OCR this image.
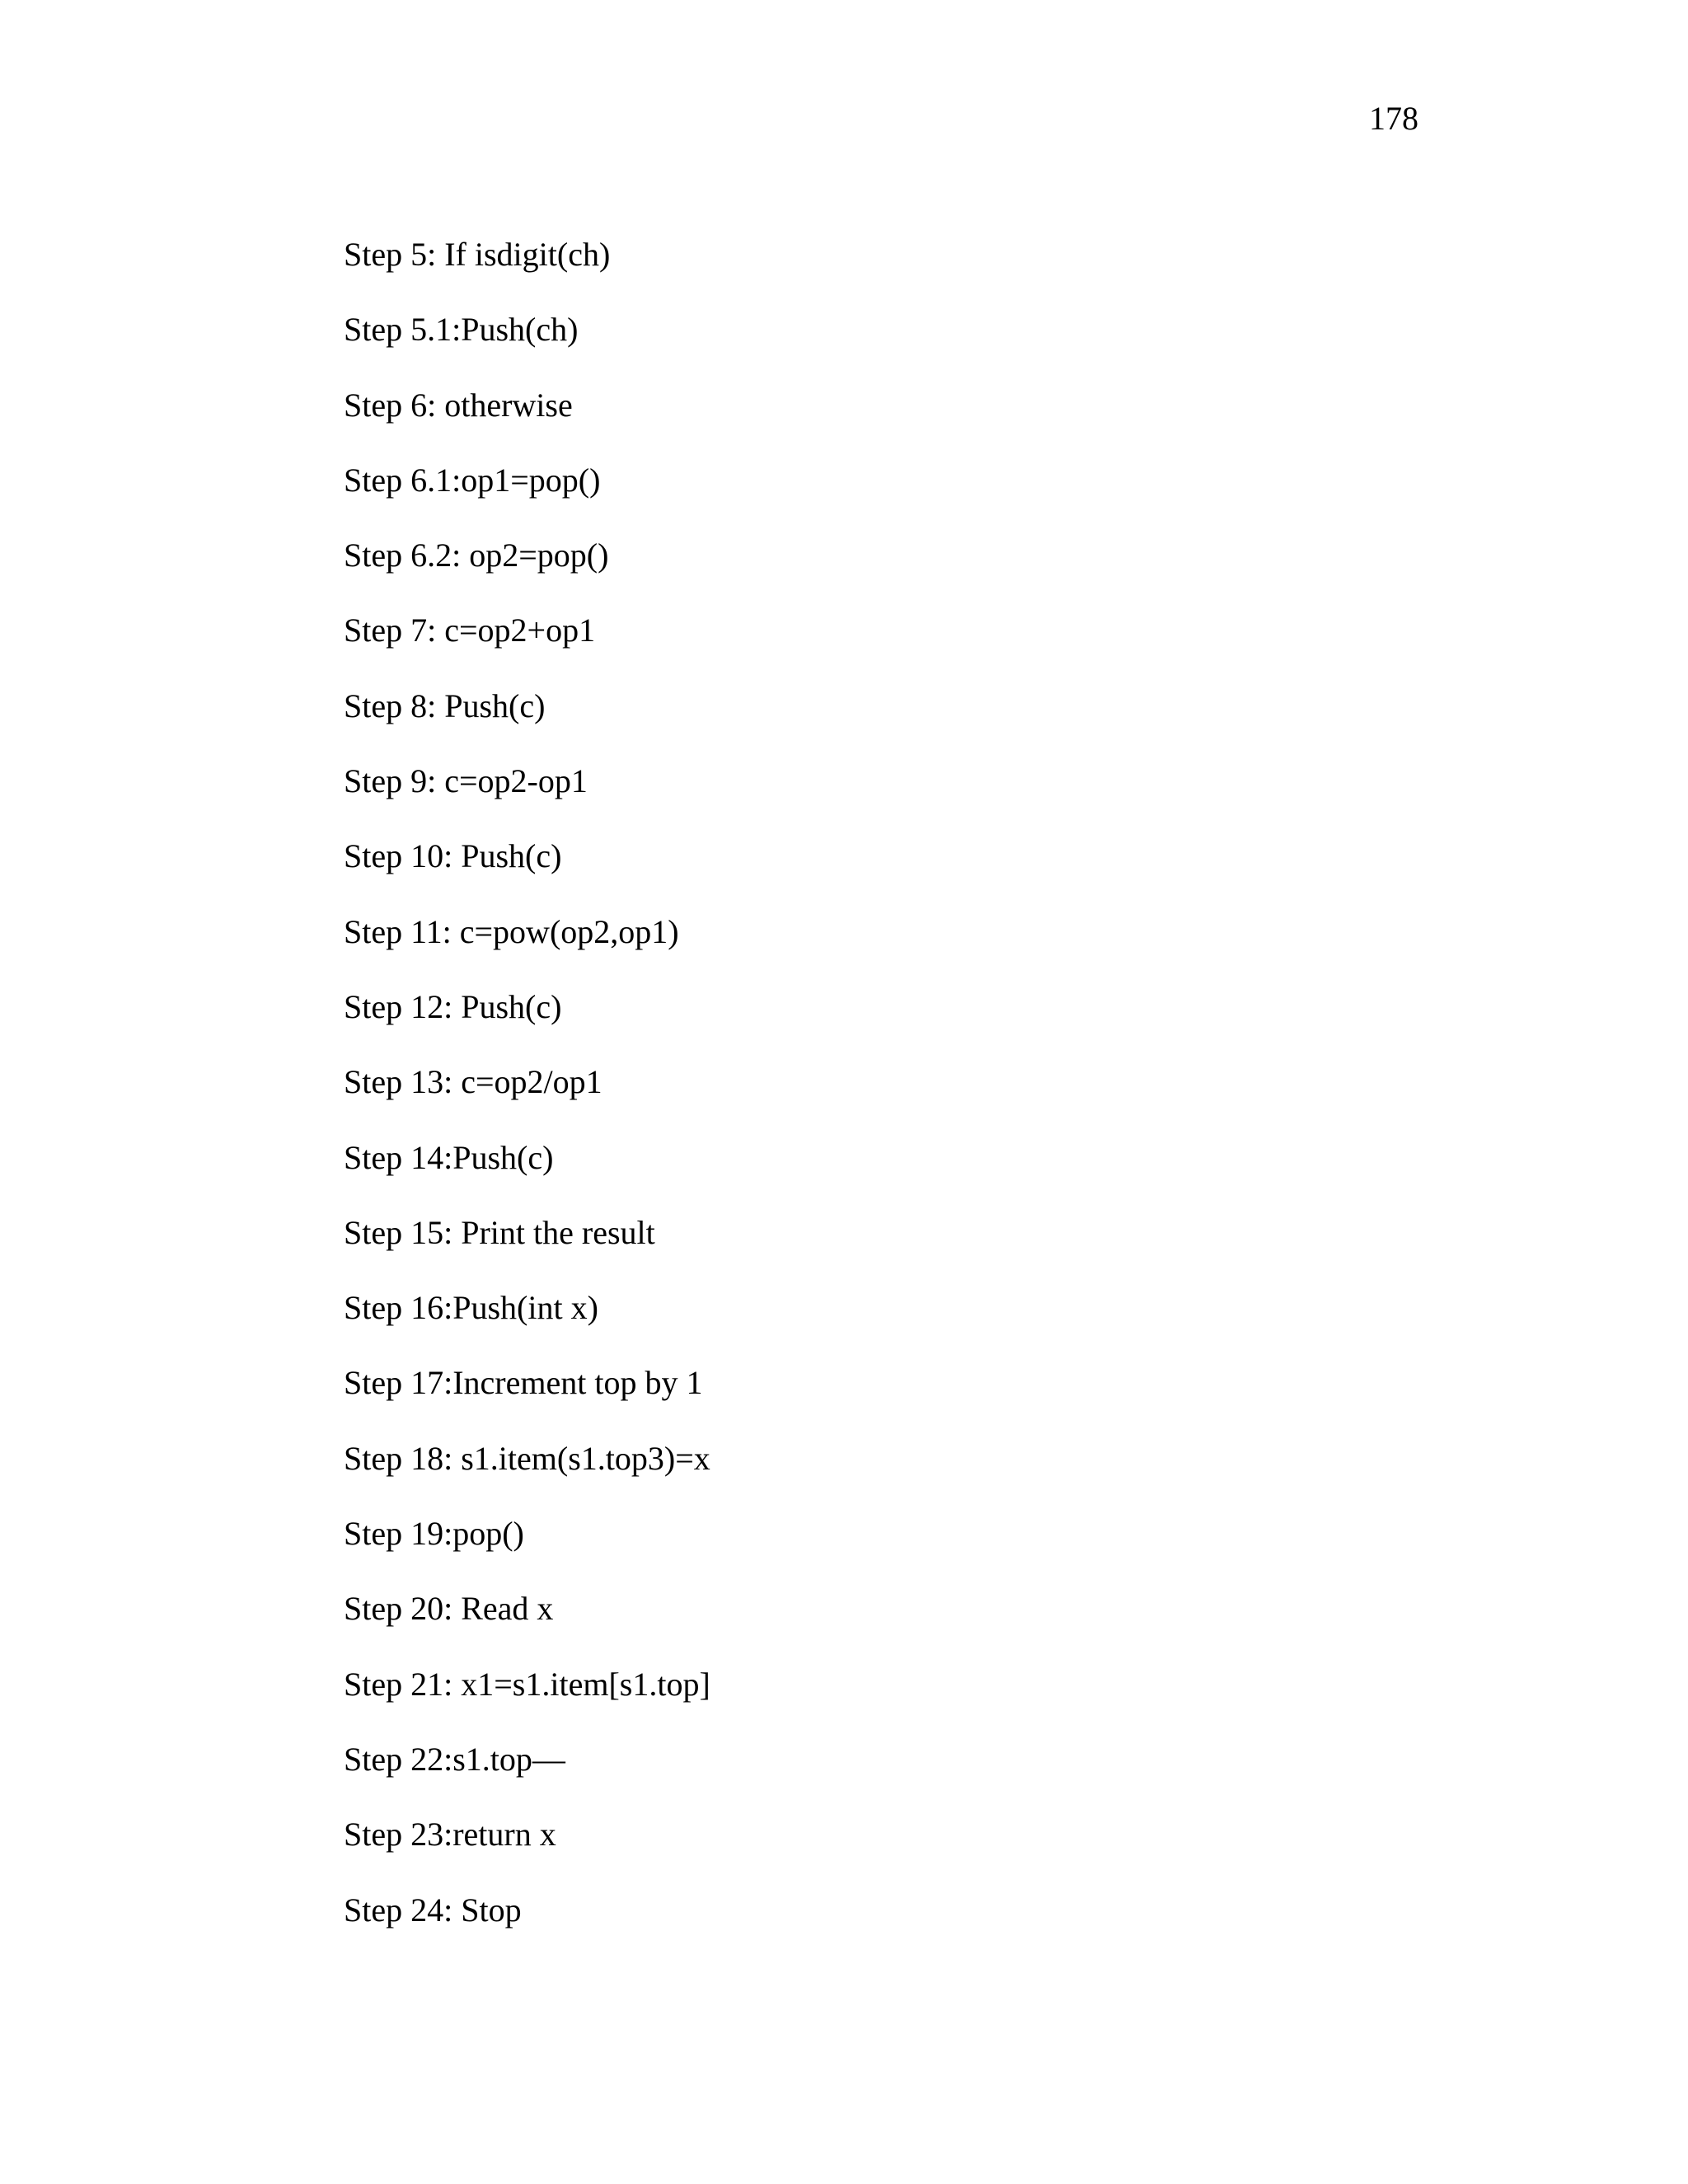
178

Step 5: If isdigit(ch)
Step 5.1:Push(ch)
Step 6: otherwise
Step 6.1:op1=pop()
Step 6.2: op2=pop()
Step 7: c=op2+op1
Step 8: Push(c)
Step 9: c=op2-op1
Step 10: Push(c)
Step 11: c=pow(op2,op1)
Step 12: Push(c)
Step 13: c=op2/op1
Step 14:Push(c)
Step 15: Print the result
Step 16:Push(int x)
Step 17:Increment top by 1
Step 18: s1.item(s1.top3)=x
Step 19:pop()
Step 20: Read x
Step 21: x1=s1.item[s1.top]
Step 22:s1.top—
Step 23:return x
Step 24: Stop
